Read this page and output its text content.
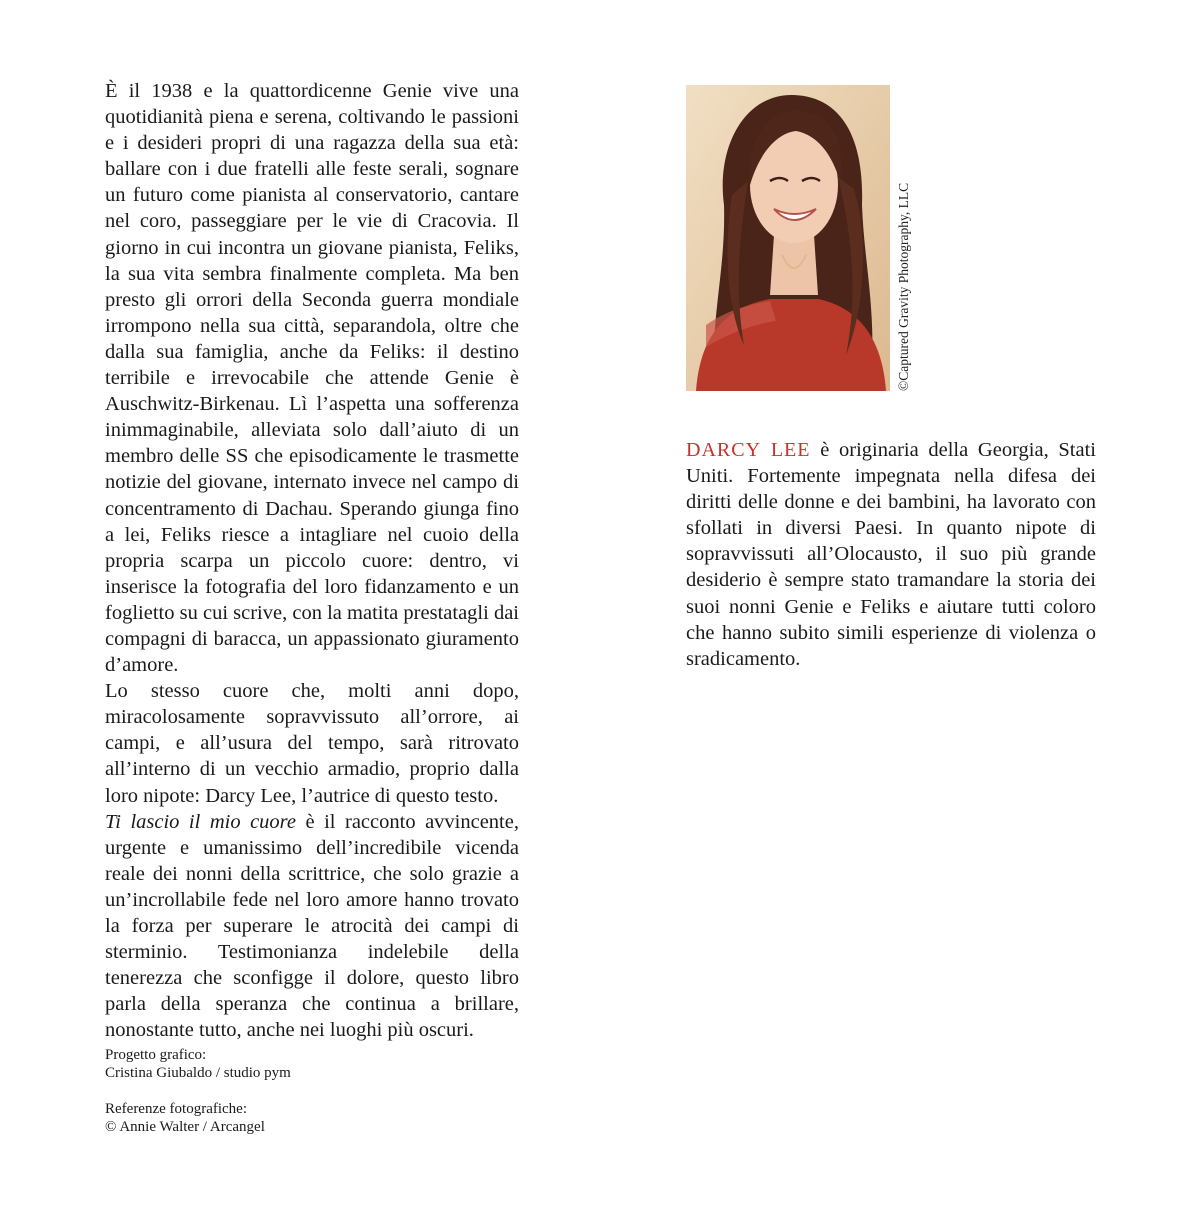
È il 1938 e la quattordicenne Genie vive una quotidianità piena e serena, coltivando le passioni e i desideri propri di una ragazza della sua età: ballare con i due fratelli alle feste serali, sognare un futuro come pianista al conservatorio, cantare nel coro, passeggiare per le vie di Cracovia. Il giorno in cui incontra un giovane pianista, Feliks, la sua vita sembra finalmente completa. Ma ben presto gli orrori della Seconda guerra mondiale irrompono nella sua città, separandola, oltre che dalla sua famiglia, anche da Feliks: il destino terribile e irrevocabile che attende Genie è Auschwitz-Birkenau. Lì l’aspetta una sofferenza inimmaginabile, alleviata solo dall’aiuto di un membro delle SS che episodicamente le trasmette notizie del giovane, internato invece nel campo di concentramento di Dachau. Sperando giunga fino a lei, Feliks riesce a intagliare nel cuoio della propria scarpa un piccolo cuore: dentro, vi inserisce la fotografia del loro fidanzamento e un foglietto su cui scrive, con la matita prestatagli dai compagni di baracca, un appassionato giuramento d’amore.

Lo stesso cuore che, molti anni dopo, miracolosamente sopravvissuto all’orrore, ai campi, e all’usura del tempo, sarà ritrovato all’interno di un vecchio armadio, proprio dalla loro nipote: Darcy Lee, l’autrice di questo testo.

Ti lascio il mio cuore è il racconto avvincente, urgente e umanissimo dell’incredibile vicenda reale dei nonni della scrittrice, che solo grazie a un’incrollabile fede nel loro amore hanno trovato la forza per superare le atrocità dei campi di sterminio. Testimonianza indelebile della tenerezza che sconfigge il dolore, questo libro parla della speranza che continua a brillare, nonostante tutto, anche nei luoghi più oscuri.

Progetto grafico:
Cristina Giubaldo / studio pym
Referenze fotografiche:
© Annie Walter / Arcangel
©Captured Gravity Photography, LLC

DARCY LEE è originaria della Georgia, Stati Uniti. Fortemente impegnata nella difesa dei diritti delle donne e dei bambini, ha lavorato con sfollati in diversi Paesi. In quanto nipote di sopravvissuti all’Olocausto, il suo più grande desiderio è sempre stato tramandare la storia dei suoi nonni Genie e Feliks e aiutare tutti coloro che hanno subito simili esperienze di violenza o sradicamento.
